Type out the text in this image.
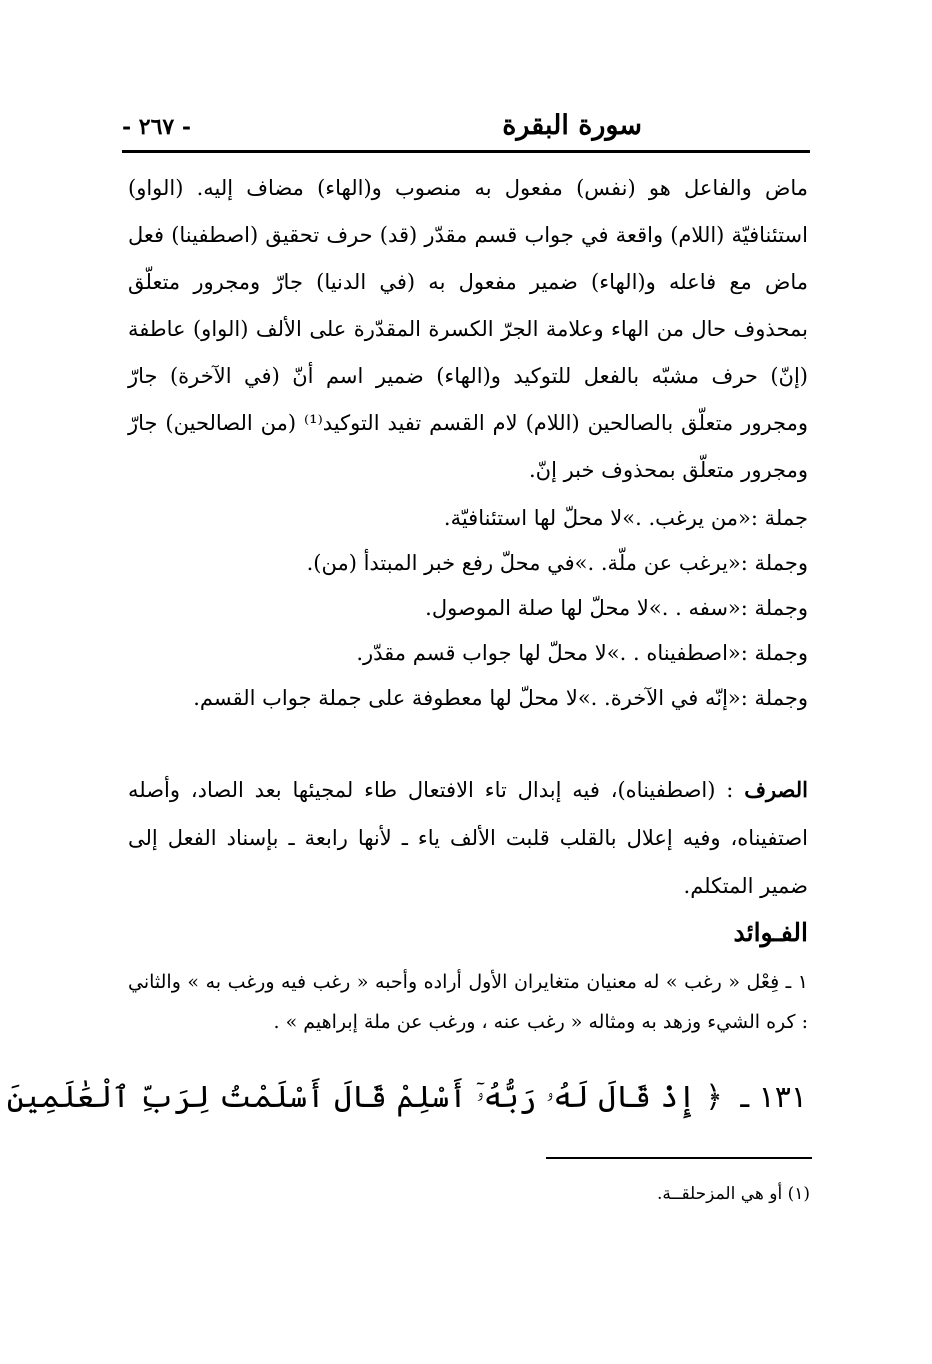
سورة البقرة
- ٢٦٧ -

ماض والفاعل هو (نفس) مفعول به منصوب و(الهاء) مضاف إليه. (الواو) استئنافيّة (اللام) واقعة في جواب قسم مقدّر (قد) حرف تحقيق (اصطفينا) فعل ماض مع فاعله و(الهاء) ضمير مفعول به (في الدنيا) جارّ ومجرور متعلّق بمحذوف حال من الهاء وعلامة الجرّ الكسرة المقدّرة على الألف (الواو) عاطفة (إنّ) حرف مشبّه بالفعل للتوكيد و(الهاء) ضمير اسم أنّ (في الآخرة) جارّ ومجرور متعلّق بالصالحين (اللام) لام القسم تفيد التوكيد⁽¹⁾ (من الصالحين) جارّ ومجرور متعلّق بمحذوف خبر إنّ.

جملة :«من يرغب. .»لا محلّ لها استئنافيّة.

وجملة :«يرغب عن ملّة. .»في محلّ رفع خبر المبتدأ (من).

وجملة :«سفه . .»لا محلّ لها صلة الموصول.

وجملة :«اصطفيناه . .»لا محلّ لها جواب قسم مقدّر.

وجملة :«إنّه في الآخرة. .»لا محلّ لها معطوفة على جملة جواب القسم.

الصرف : (اصطفيناه)، فيه إبدال تاء الافتعال طاء لمجيئها بعد الصاد، وأصله اصتفيناه، وفيه إعلال بالقلب قلبت الألف ياء ـ لأنها رابعة ـ بإسناد الفعل إلى ضمير المتكلم.

الفـوائد

١ ـ فِعْل « رغب » له معنيان متغايران الأول أراده وأحبه « رغب فيه ورغب به » والثاني : كره الشيء وزهد به ومثاله « رغب عنه ، ورغب عن ملة إبراهيم » .

١٣١ ـ ﴿ إِذْ قَالَ لَهُۥ رَبُّهُۥٓ أَسْلِمْ قَالَ أَسْلَمْتُ لِرَبِّ ٱلْعَٰلَمِينَ
(١) أو هي المزحلقــة.
